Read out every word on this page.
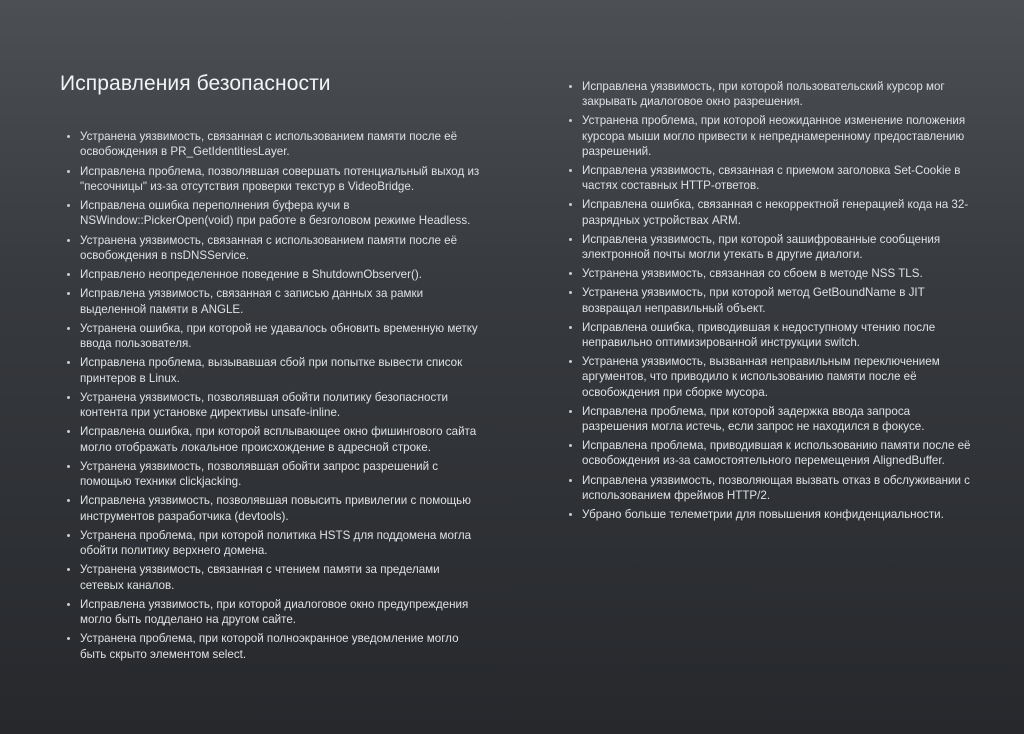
Исправления безопасности
Устранена уязвимость, связанная с использованием памяти после её освобождения в PR_GetIdentitiesLayer.
Исправлена проблема, позволявшая совершать потенциальный выход из "песочницы" из-за отсутствия проверки текстур в VideoBridge.
Исправлена ошибка переполнения буфера кучи в NSWindow::PickerOpen(void) при работе в безголовом режиме Headless.
Устранена уязвимость, связанная с использованием памяти после её освобождения в nsDNSService.
Исправлено неопределенное поведение в ShutdownObserver().
Исправлена уязвимость, связанная с записью данных за рамки выделенной памяти в ANGLE.
Устранена ошибка, при которой не удавалось обновить временную метку ввода пользователя.
Исправлена проблема, вызывавшая сбой при попытке вывести список принтеров в Linux.
Устранена уязвимость, позволявшая обойти политику безопасности контента при установке директивы unsafe-inline.
Исправлена ошибка, при которой всплывающее окно фишингового сайта могло отображать локальное происхождение в адресной строке.
Устранена уязвимость, позволявшая обойти запрос разрешений с помощью техники clickjacking.
Исправлена уязвимость, позволявшая повысить привилегии с помощью инструментов разработчика (devtools).
Устранена проблема, при которой политика HSTS для поддомена могла обойти политику верхнего домена.
Устранена уязвимость, связанная с чтением памяти за пределами сетевых каналов.
Исправлена уязвимость, при которой диалоговое окно предупреждения могло быть подделано на другом сайте.
Устранена проблема, при которой полноэкранное уведомление могло быть скрыто элементом select.
Исправлена уязвимость, при которой пользовательский курсор мог закрывать диалоговое окно разрешения.
Устранена проблема, при которой неожиданное изменение положения курсора мыши могло привести к непреднамеренному предоставлению разрешений.
Исправлена уязвимость, связанная с приемом заголовка Set-Cookie в частях составных HTTP-ответов.
Исправлена ошибка, связанная с некорректной генерацией кода на 32-разрядных устройствах ARM.
Исправлена уязвимость, при которой зашифрованные сообщения электронной почты могли утекать в другие диалоги.
Устранена уязвимость, связанная со сбоем в методе NSS TLS.
Устранена уязвимость, при которой метод GetBoundName в JIT возвращал неправильный объект.
Исправлена ошибка, приводившая к недоступному чтению после неправильно оптимизированной инструкции switch.
Устранена уязвимость, вызванная неправильным переключением аргументов, что приводило к использованию памяти после её освобождения при сборке мусора.
Исправлена проблема, при которой задержка ввода запроса разрешения могла истечь, если запрос не находился в фокусе.
Исправлена проблема, приводившая к использованию памяти после её освобождения из-за самостоятельного перемещения AlignedBuffer.
Исправлена уязвимость, позволяющая вызвать отказ в обслуживании с использованием фреймов HTTP/2.
Убрано больше телеметрии для повышения конфиденциальности.
